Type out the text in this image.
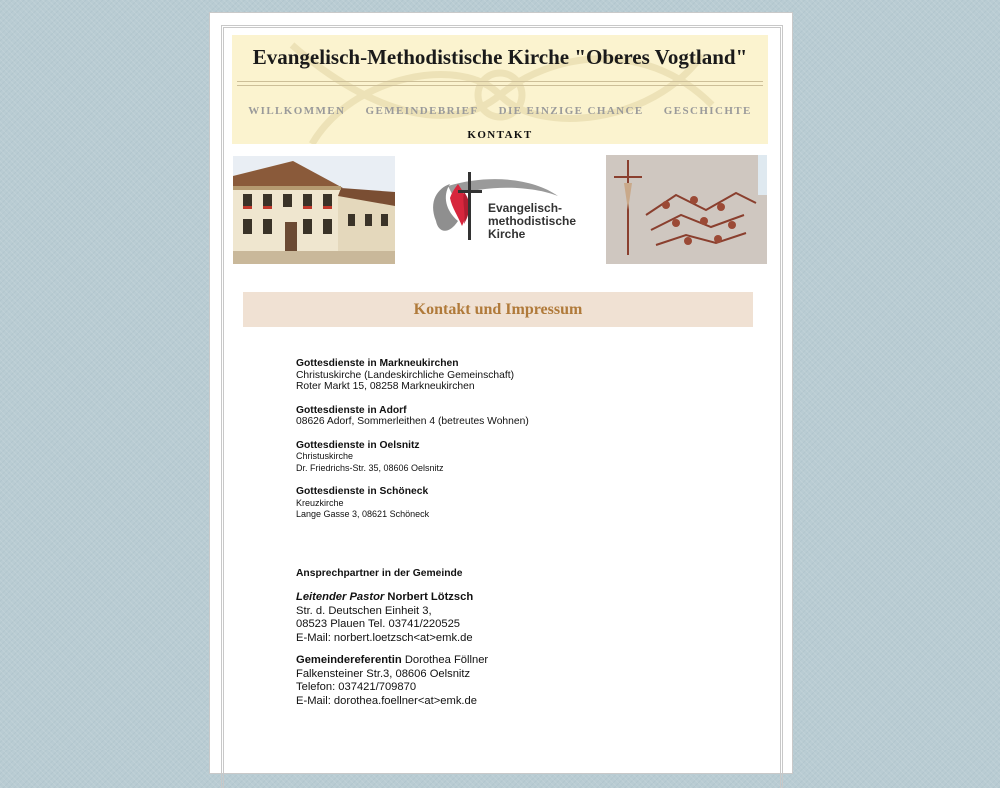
Evangelisch-Methodistische Kirche "Oberes Vogtland"
WILLKOMMEN GEMEINDEBRIEF DIE EINZIGE CHANCE GESCHICHTE
KONTAKT
Evangelisch-
methodistische
Kirche
Kontakt und Impressum

Gottesdienste in Markneukirchen
Christuskirche (Landeskirchliche Gemeinschaft)
Roter Markt 15, 08258 Markneukirchen

Gottesdienste in Adorf
08626 Adorf, Sommerleithen 4 (betreutes Wohnen)

Gottesdienste in Oelsnitz
Christuskirche
Dr. Friedrichs-Str. 35, 08606 Oelsnitz

Gottesdienste in Schöneck
Kreuzkirche
Lange Gasse 3, 08621 Schöneck

Ansprechpartner in der Gemeinde

Leitender Pastor Norbert Lötzsch
Str. d. Deutschen Einheit 3,
08523 Plauen Tel. 03741/220525
E-Mail: norbert.loetzsch<at>emk.de

Gemeindereferentin Dorothea Föllner
Falkensteiner Str.3, 08606 Oelsnitz
Telefon: 037421/709870
E-Mail: dorothea.foellner<at>emk.de
